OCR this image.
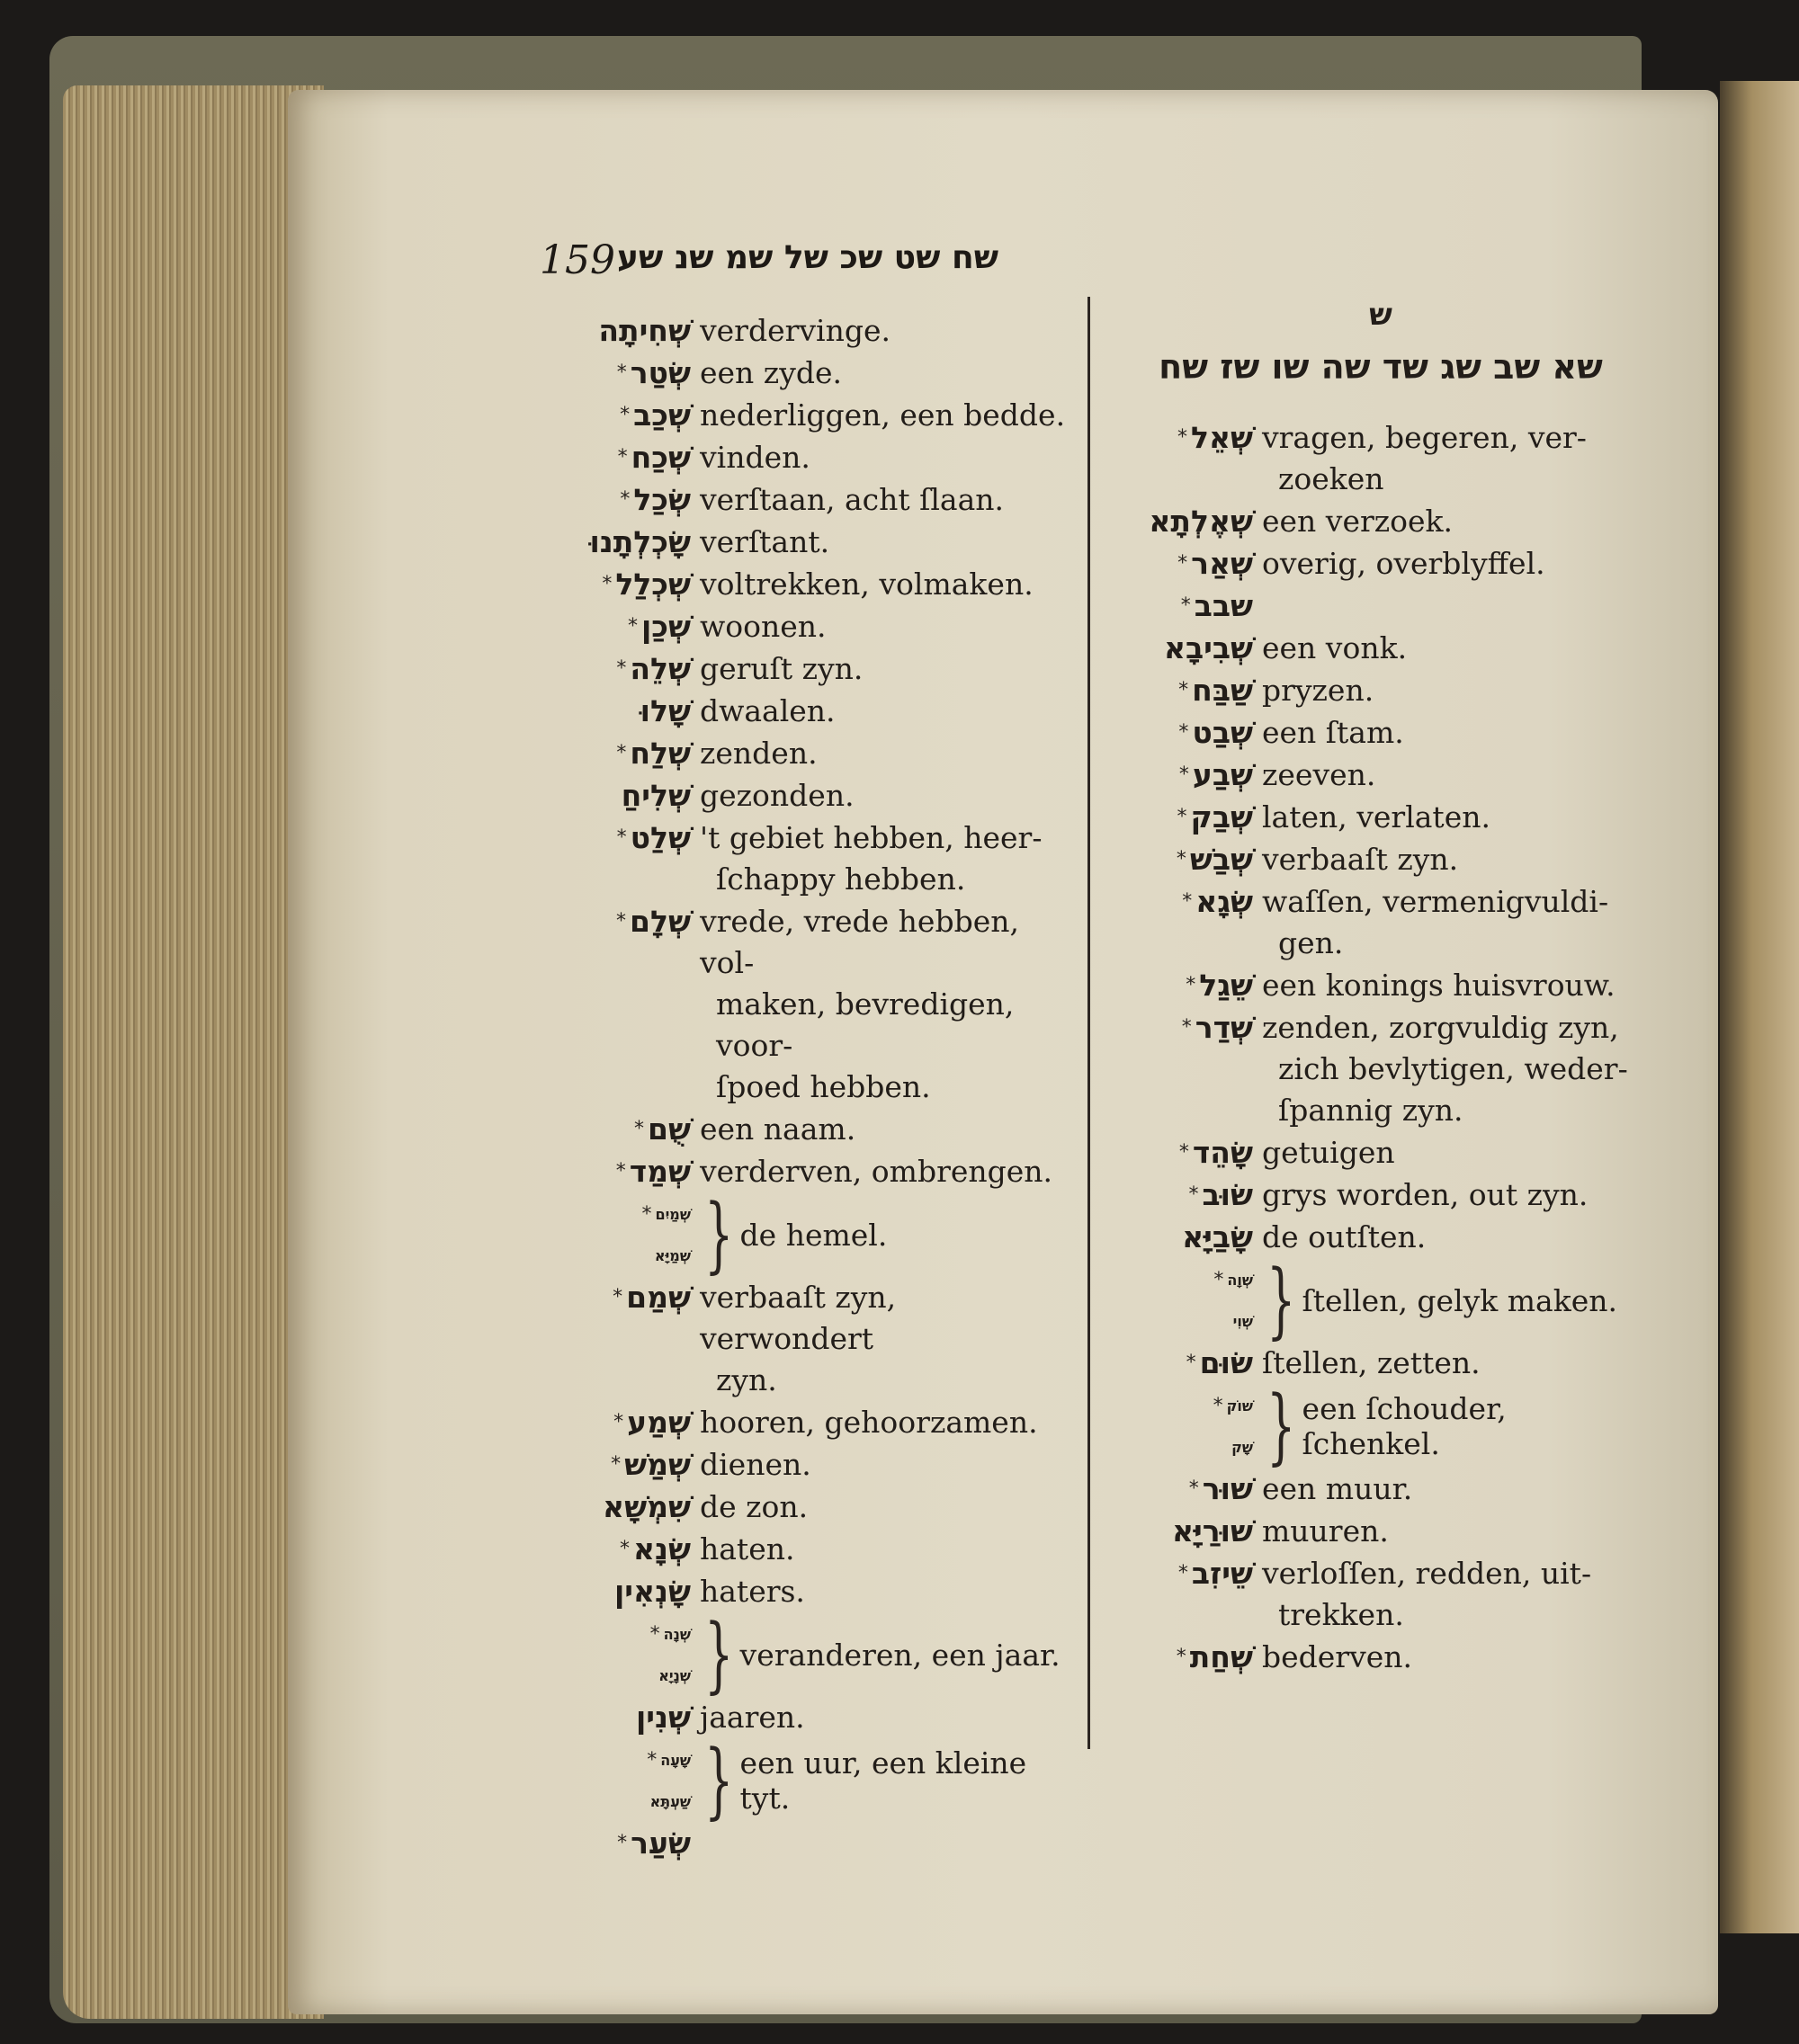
159 שח שט שכ של שמ שנ שע
שְׁחִיתָה verdervinge.
* שְׂטַר een zyde.
* שְׁכַב nederliggen, een bedde.
* שְׁכַח vinden.
* שְׂכַל verſtaan, acht ſlaan.
שָׂכְלְתָנוּ verſtant.
* שְׁכְלַל voltrekken, volmaken.
* שְׁכַן woonen.
* שְׁלֵה geruſt zyn.
שָׁלוּ dwaalen.
* שְׁלַח zenden.
שְׁלִיחַ gezonden.
* שְׁלַט 't gebiet hebben, heer-
ſchappy hebben.
* שְׁלָם vrede, vrede hebben, vol-
maken, bevredigen, voor-
ſpoed hebben.
* שֻׁם een naam.
* שְׁמַד verderven, ombrengen.
* שְׁמַיִם
שְׁמַיָּא } de hemel.
* שְׁמַם verbaaſt zyn, verwondert
zyn.
* שְׁמַע hooren, gehoorzamen.
* שְׁמַשׁ dienen.
שִׁמְשָׁא de zon.
* שְׂנָא haten.
שָׂנְאִין haters.
* שְׁנָה
שְׁנָיָא } veranderen, een jaar.
שְׁנִין jaaren.
* שָׁעָה
שַׁעְתָּא } een uur, een kleine tyt.
* שְׂעַר
ש
שא שב שג שד שה שו שז שח
* שְׁאֵל vragen, begeren, ver-
zoeken
שְׁאֶלְתָא een verzoek.
* שְׁאַר overig, overblyffel.
* שבב
שְׁבִיבָא een vonk.
* שַׁבַּח pryzen.
* שְׁבַט een ſtam.
* שְׁבַע zeeven.
* שְׁבַק laten, verlaten.
* שְׁבַשׁ verbaaſt zyn.
* שְׂגָא waſſen, vermenigvuldi-
gen.
* שֵׁגַל een konings huisvrouw.
* שְׁדַר zenden, zorgvuldig zyn,
zich bevlytigen, weder-
ſpannig zyn.
* שָׂהֵד getuigen
* שׂוּב grys worden, out zyn.
שָׂבַיָּא de outſten.
* שְׁוָה
שְׁוִי } ſtellen, gelyk maken.
* שׂוּם ſtellen, zetten.
* שׁוֹק
שָׁק } een ſchouder, ſchenkel.
* שׁוּר een muur.
שׁוּרַיָּא muuren.
* שֵׁיזִב verloſſen, redden, uit-
trekken.
* שְׁחַת bederven.
